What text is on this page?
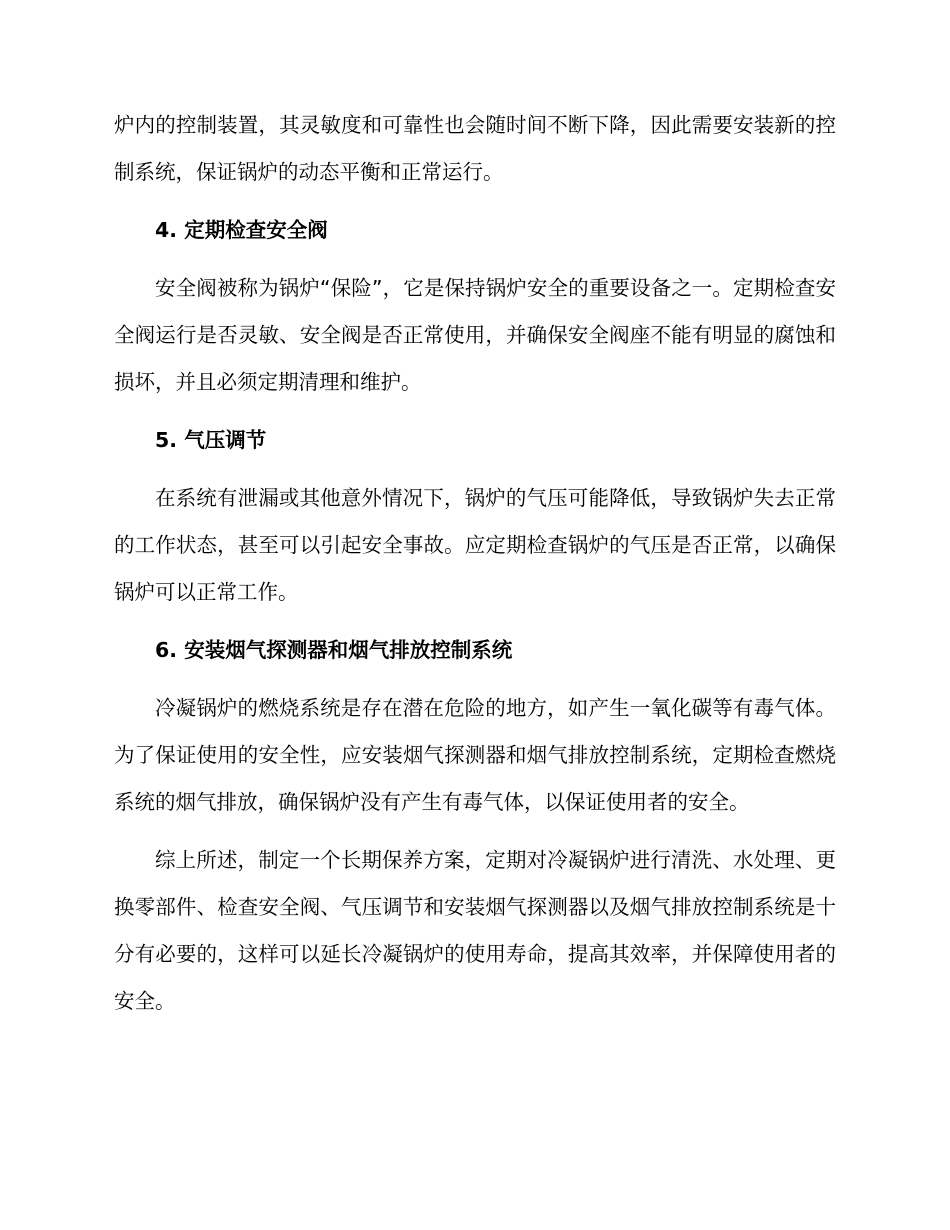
炉内的控制装置，其灵敏度和可靠性也会随时间不断下降，因此需要安装新的控制系统，保证锅炉的动态平衡和正常运行。

4. 定期检查安全阀

安全阀被称为锅炉“保险”，它是保持锅炉安全的重要设备之一。定期检查安全阀运行是否灵敏、安全阀是否正常使用，并确保安全阀座不能有明显的腐蚀和损坏，并且必须定期清理和维护。

5. 气压调节

在系统有泄漏或其他意外情况下，锅炉的气压可能降低，导致锅炉失去正常的工作状态，甚至可以引起安全事故。应定期检查锅炉的气压是否正常，以确保锅炉可以正常工作。

6. 安装烟气探测器和烟气排放控制系统

冷凝锅炉的燃烧系统是存在潜在危险的地方，如产生一氧化碳等有毒气体。为了保证使用的安全性，应安装烟气探测器和烟气排放控制系统，定期检查燃烧系统的烟气排放，确保锅炉没有产生有毒气体，以保证使用者的安全。

综上所述，制定一个长期保养方案，定期对冷凝锅炉进行清洗、水处理、更换零部件、检查安全阀、气压调节和安装烟气探测器以及烟气排放控制系统是十分有必要的，这样可以延长冷凝锅炉的使用寿命，提高其效率，并保障使用者的安全。
